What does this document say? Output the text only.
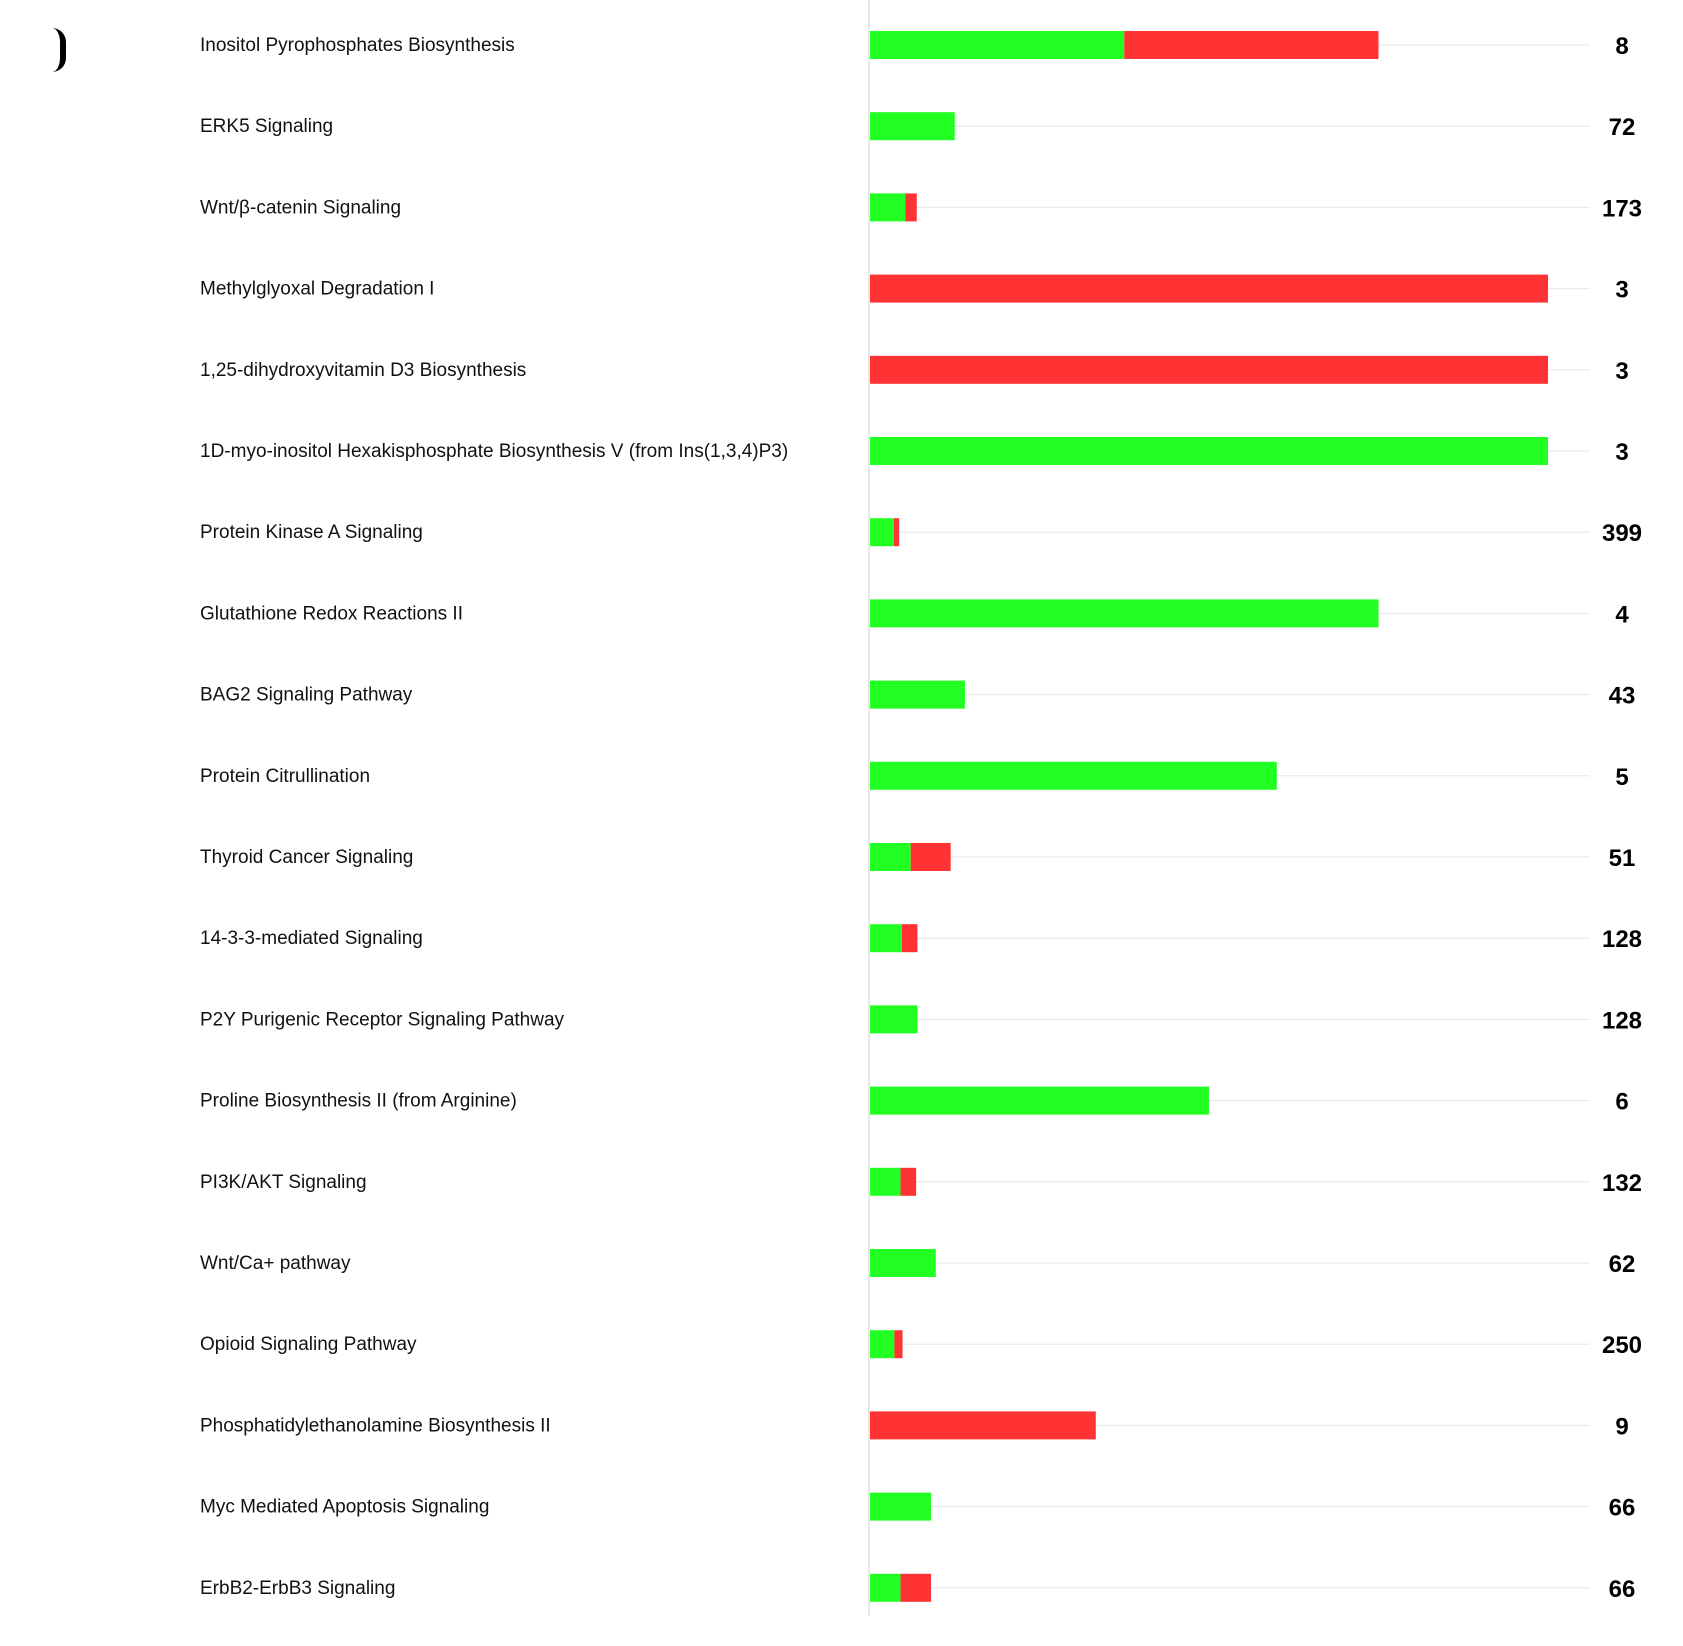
Inositol Pyrophosphates Biosynthesis	8
ERK5 Signaling	72
Wnt/β-catenin Signaling	173
Methylglyoxal Degradation I	3
1,25-dihydroxyvitamin D3 Biosynthesis	3
1D-myo-inositol Hexakisphosphate Biosynthesis V (from Ins(1,3,4)P3)	3
Protein Kinase A Signaling	399
Glutathione Redox Reactions II	4
BAG2 Signaling Pathway	43
Protein Citrullination	5
Thyroid Cancer Signaling	51
14-3-3-mediated Signaling	128
P2Y Purigenic Receptor Signaling Pathway	128
Proline Biosynthesis II (from Arginine)	6
PI3K/AKT Signaling	132
Wnt/Ca+ pathway	62
Opioid Signaling Pathway	250
Phosphatidylethanolamine Biosynthesis II	9
Myc Mediated Apoptosis Signaling	66
ErbB2-ErbB3 Signaling	66
